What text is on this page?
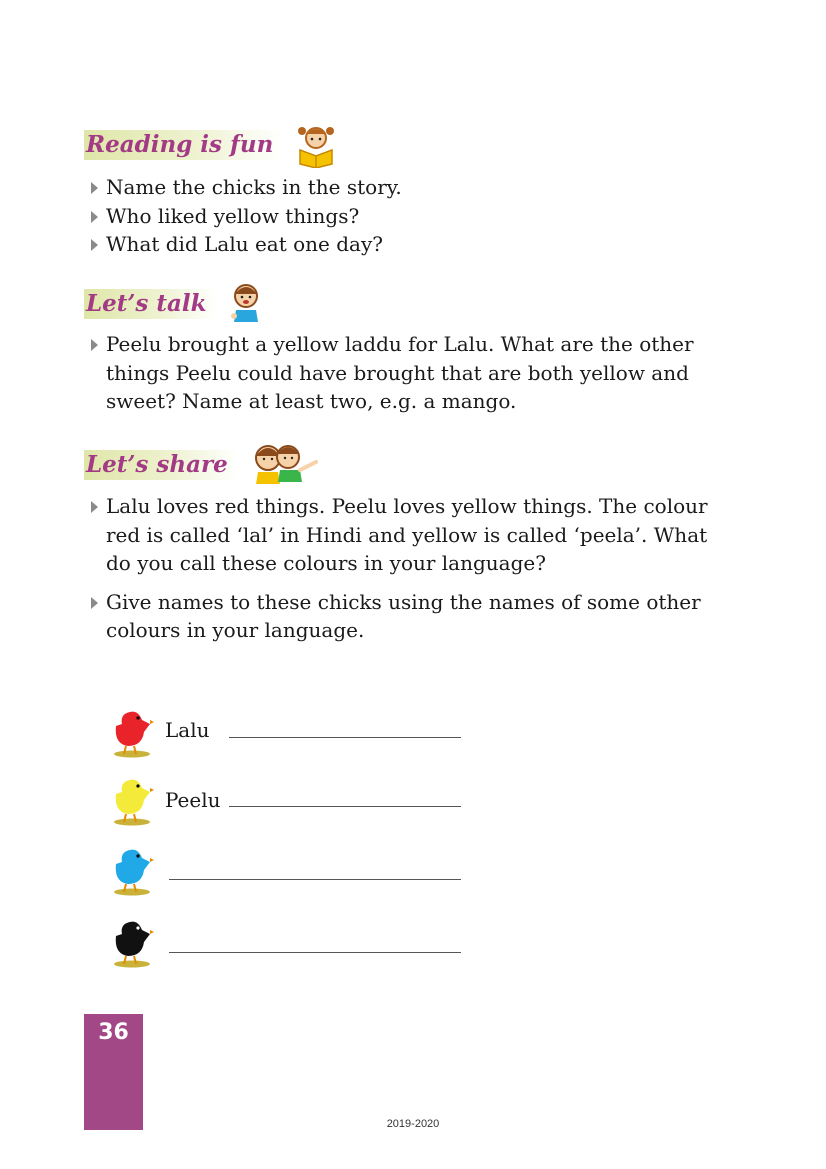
Reading is fun
Name the chicks in the story.
Who liked yellow things?
What did Lalu eat one day?
Let’s talk
Peelu brought a yellow laddu for Lalu. What are the other things Peelu could have brought that are both yellow and sweet? Name at least two, e.g. a mango.
Let’s share
Lalu loves red things. Peelu loves yellow things. The colour red is called ‘lal’ in Hindi and yellow is called ‘peela’. What do you call these colours in your language?
Give names to these chicks using the names of some other colours in your language.
Lalu
Peelu
36
2019-2020
